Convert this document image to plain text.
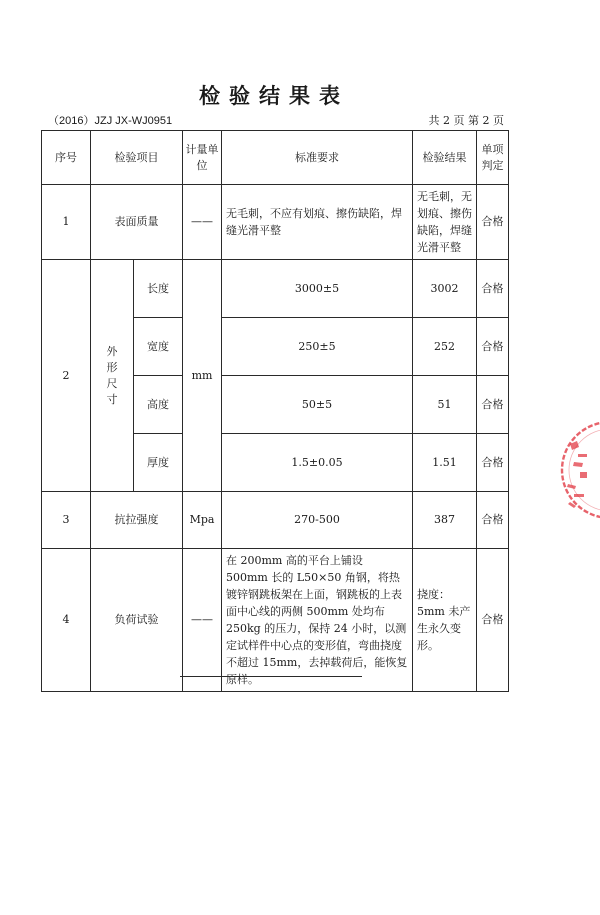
检验结果表
（2016）JZJ JX-WJ0951	共 2 页 第 2 页
序号	检验项目		计量单位	标准要求	检验结果	单项判定
1	表面质量		——	无毛刺，不应有划痕、擦伤缺陷，焊缝光滑平整	无毛刺，无划痕、擦伤缺陷，焊缝光滑平整	合格
2	外形尺寸	长度	mm	3000±5	3002	合格
		宽度		250±5	252	合格
		高度		50±5	51	合格
		厚度		1.5±0.05	1.51	合格
3	抗拉强度		Mpa	270-500	387	合格
4	负荷试验		——	在 200mm 高的平台上铺设 500mm 长的 L50×50 角钢，将热镀锌钢跳板架在上面，钢跳板的上表面中心线的两侧 500mm 处均布 250kg 的压力，保持 24 小时，以测定试样件中心点的变形值，弯曲挠度不超过 15mm，去掉载荷后，能恢复原样。	挠度：5mm 未产生永久变形。	合格
